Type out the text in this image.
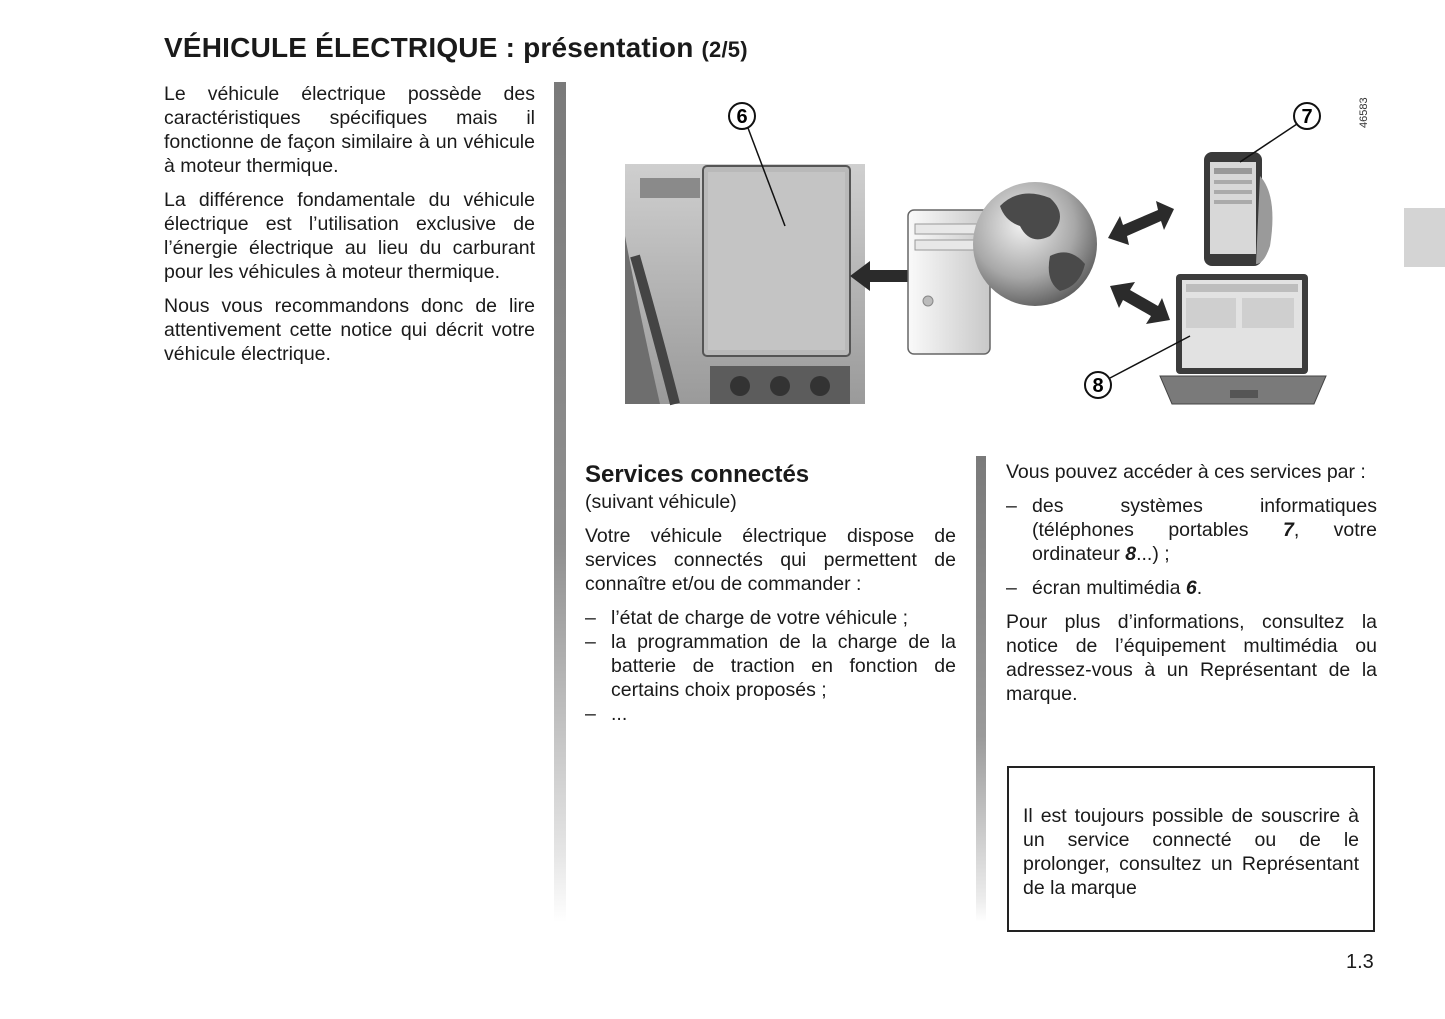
VÉHICULE ÉLECTRIQUE : présentation (2/5)

Le véhicule électrique possède des caractéristiques spécifiques mais il fonctionne de façon similaire à un véhicule à moteur thermique.

La différence fondamentale du véhicule électrique est l’utilisation exclusive de l’énergie électrique au lieu du carburant pour les véhicules à moteur thermique.

Nous vous recommandons donc de lire attentivement cette notice qui décrit votre véhicule électrique.

6	7
8
46583
Services connectés

(suivant véhicule)

Votre véhicule électrique dispose de services connectés qui permettent de connaître et/ou de commander :

– l’état de charge de votre véhicule ;
– la programmation de la charge de la batterie de traction en fonction de certains choix proposés ;
– ...

Vous pouvez accéder à ces services par :

– des systèmes informatiques (téléphones portables 7, votre ordinateur 8...) ;
– écran multimédia 6.

Pour plus d’informations, consultez la notice de l’équipement multimédia ou adressez-vous à un Représentant de la marque.

Il est toujours possible de souscrire à un service connecté ou de le prolonger, consultez un Représentant de la marque
1.3
